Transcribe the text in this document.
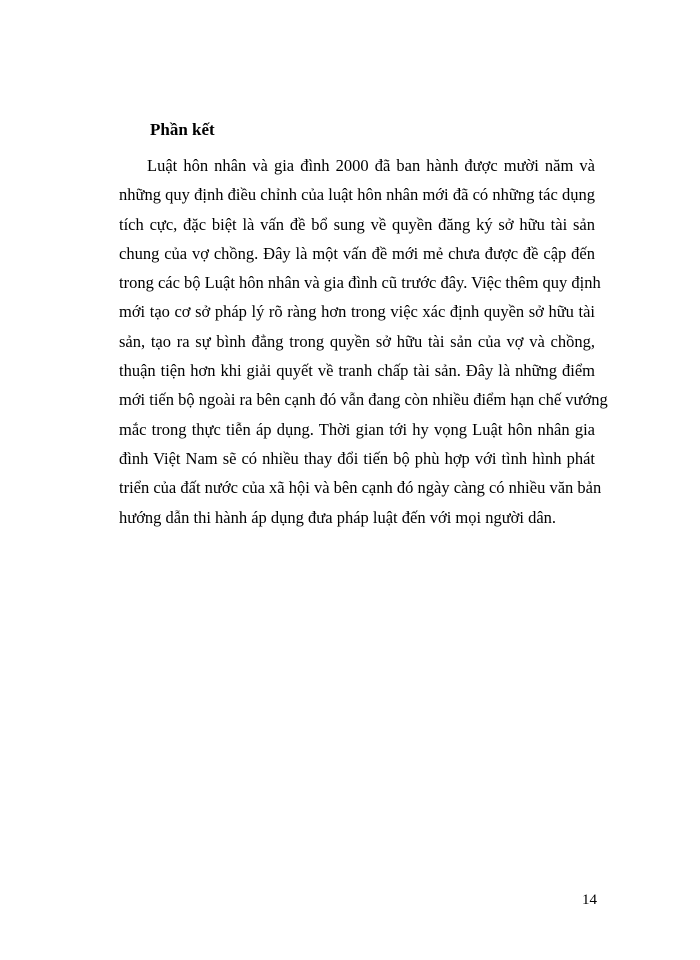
Phần kết
Luật hôn nhân và gia đình 2000 đã ban hành được mười năm và
những quy định điều chỉnh của luật hôn nhân mới đã có những tác dụng
tích cực, đặc biệt là vấn đề bổ sung về quyền đăng ký sở hữu tài sản
chung của vợ chồng. Đây là một vấn đề mới mẻ chưa được đề cập đến
trong các bộ Luật hôn nhân và gia đình cũ trước đây. Việc thêm quy định
mới tạo cơ sở pháp lý rõ ràng hơn trong việc xác định quyền sở hữu tài
sản, tạo ra sự bình đẳng trong quyền sở hữu tài sản của vợ và chồng,
thuận tiện hơn khi giải quyết về tranh chấp tài sản. Đây là những điểm
mới tiến bộ ngoài ra bên cạnh đó vẫn đang còn nhiều điểm hạn chế vướng
mắc trong thực tiễn áp dụng. Thời gian tới hy vọng Luật hôn nhân gia
đình Việt Nam sẽ có nhiều thay đổi tiến bộ phù hợp với tình hình phát
triển của đất nước của xã hội và bên cạnh đó ngày càng có nhiều văn bản
hướng dẫn thi hành áp dụng đưa pháp luật đến với mọi người dân.
14
